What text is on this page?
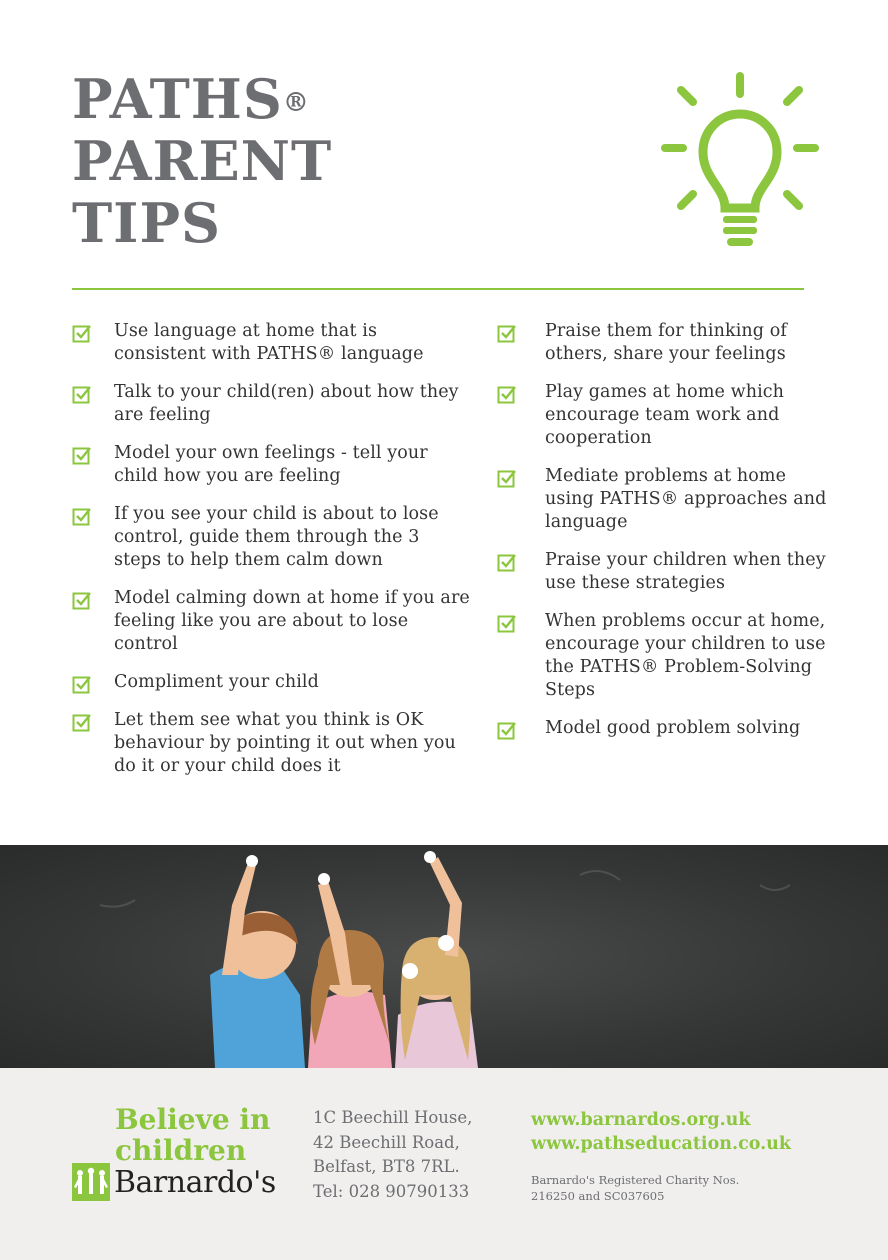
PATHS®
PARENT
TIPS
Use language at home that is consistent with PATHS® language
Talk to your child(ren) about how they are feeling
Model your own feelings - tell your child how you are feeling
If you see your child is about to lose control, guide them through the 3 steps to help them calm down
Model calming down at home if you are feeling like you are about to lose control
Compliment your child
Let them see what you think is OK behaviour by pointing it out when you do it or your child does it
Praise them for thinking of others, share your feelings
Play games at home which encourage team work and cooperation
Mediate problems at home using PATHS® approaches and language
Praise your children when they use these strategies
When problems occur at home, encourage your children to use the PATHS® Problem-Solving Steps
Model good problem solving
Believe in
children
Barnardo's
1C Beechill House,
42 Beechill Road,
Belfast, BT8 7RL.
Tel: 028 90790133
www.barnardos.org.uk
www.pathseducation.co.uk
Barnardo's Registered Charity Nos.
216250 and SC037605
